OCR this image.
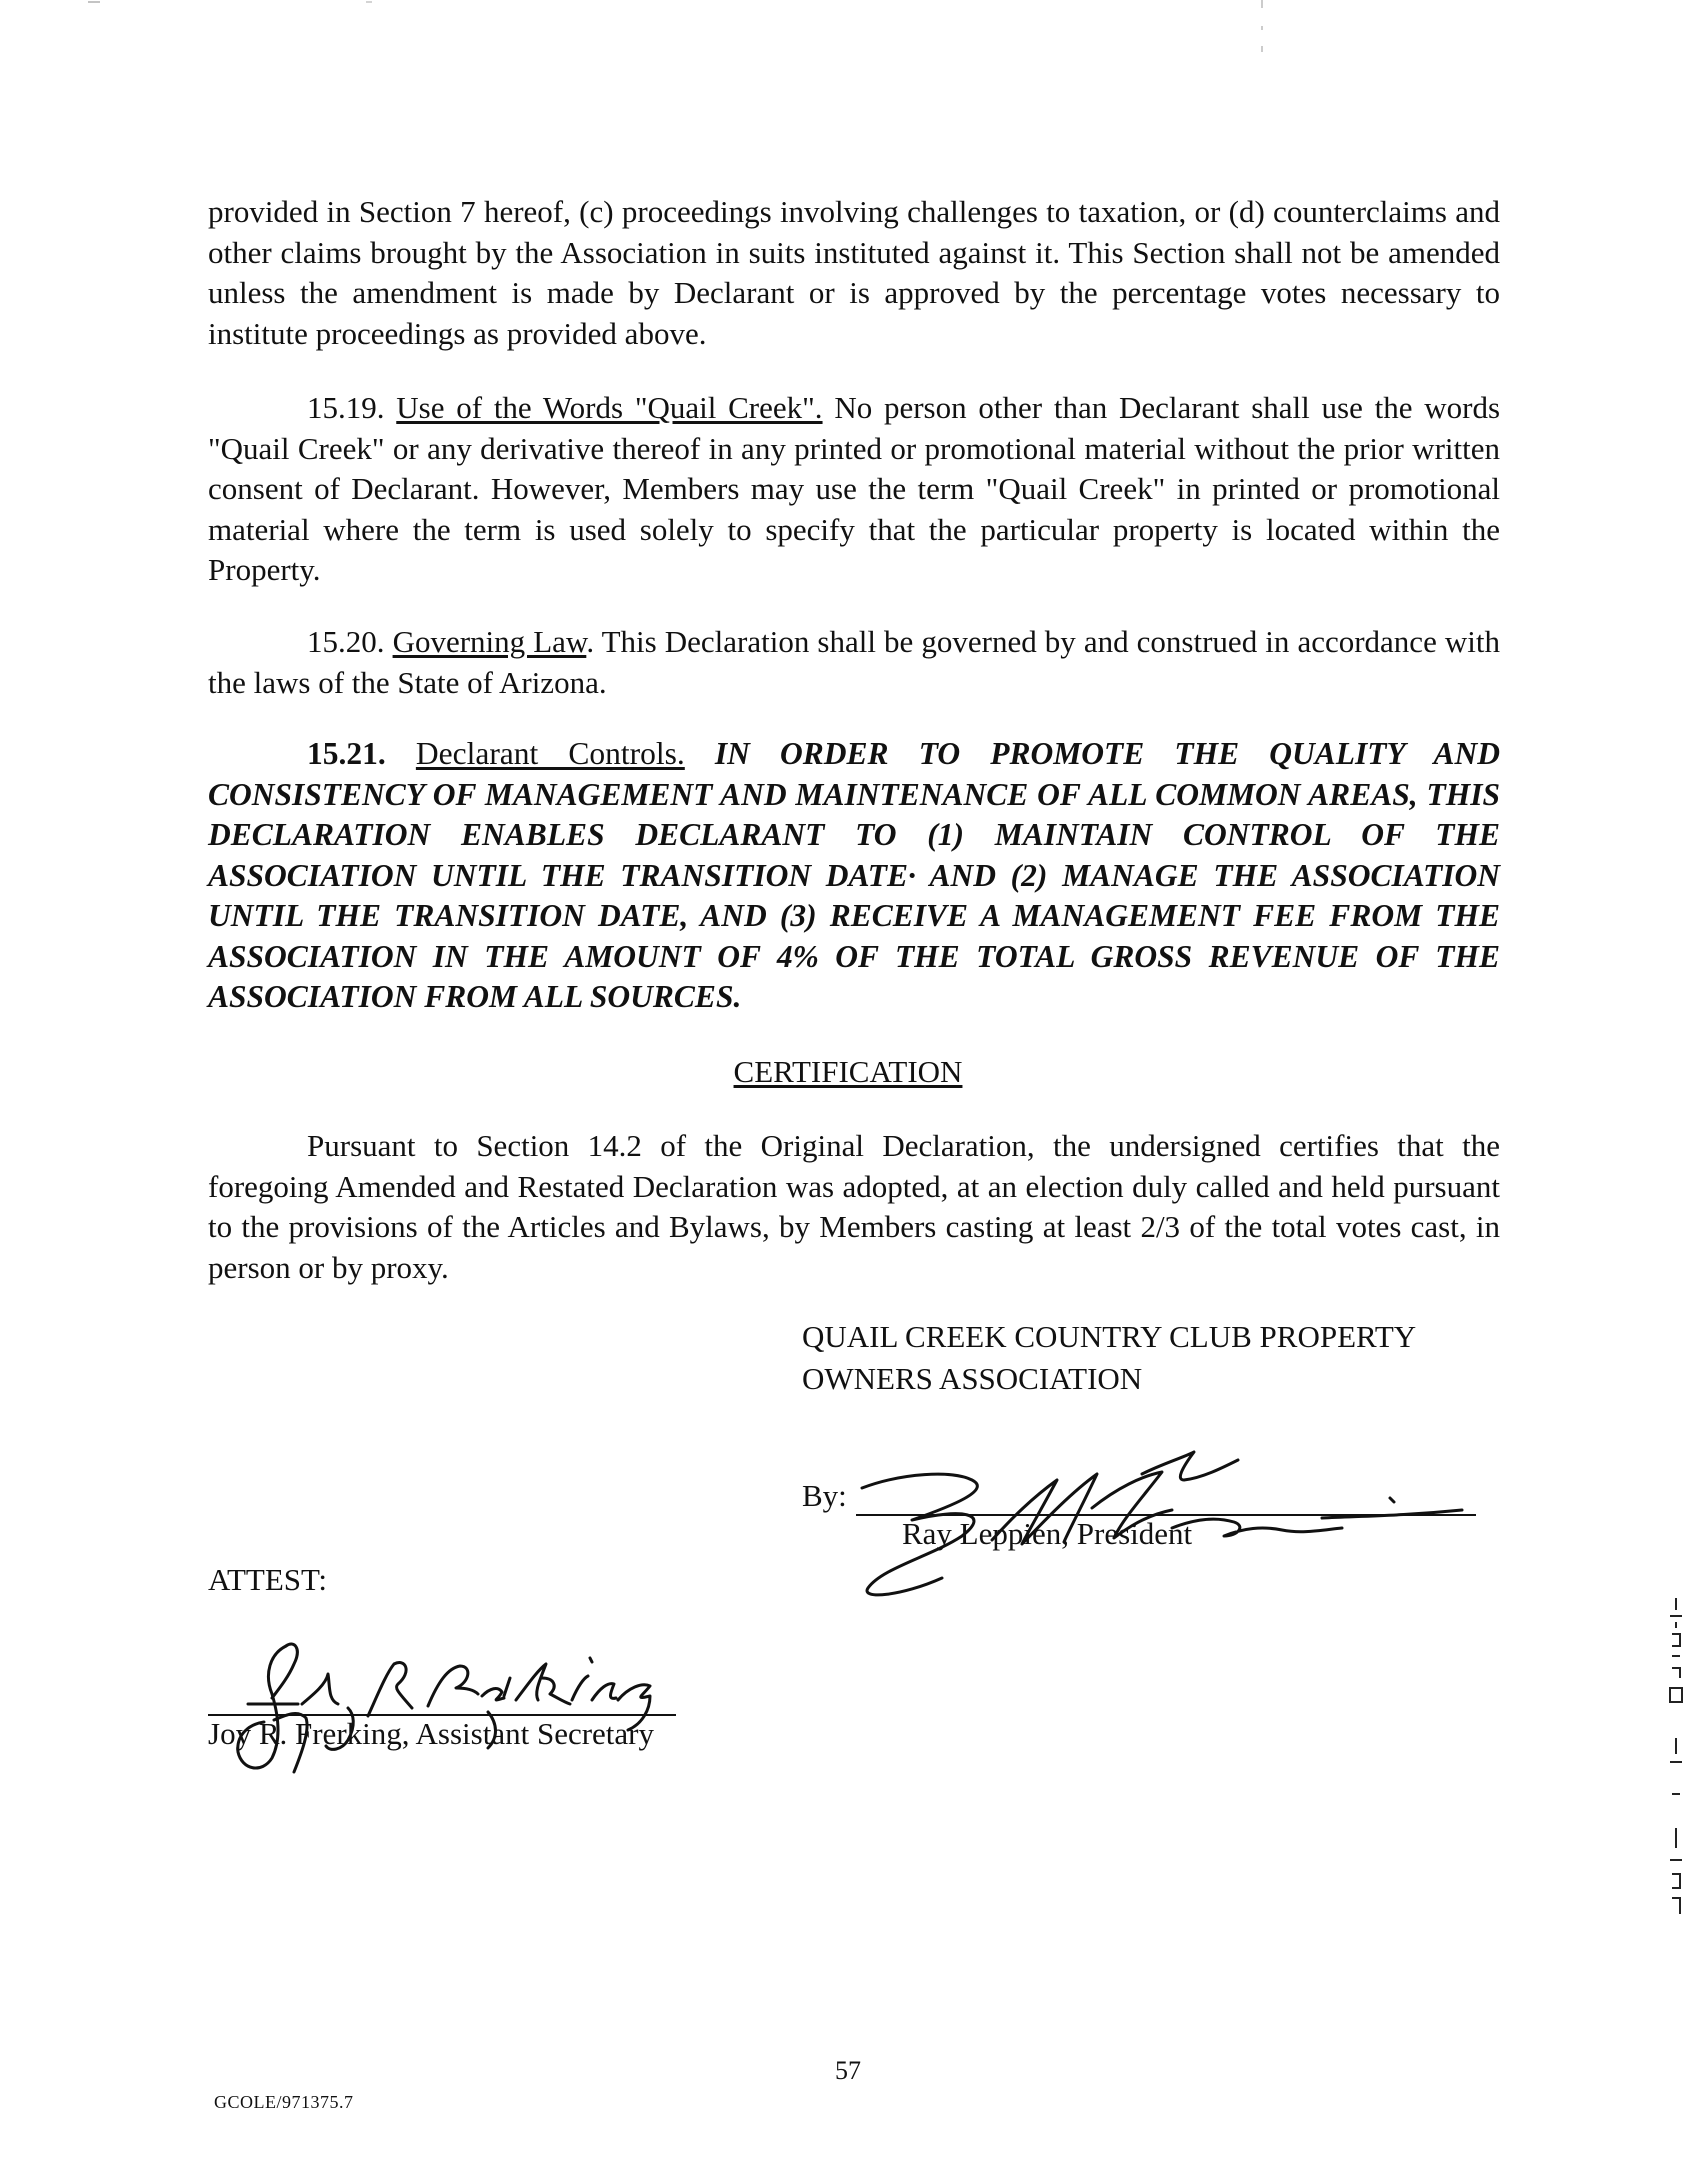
provided in Section 7 hereof, (c) proceedings involving challenges to taxation, or (d) counterclaims and other claims brought by the Association in suits instituted against it. This Section shall not be amended unless the amendment is made by Declarant or is approved by the percentage votes necessary to institute proceedings as provided above.

15.19. Use of the Words "Quail Creek". No person other than Declarant shall use the words "Quail Creek" or any derivative thereof in any printed or promotional material without the prior written consent of Declarant. However, Members may use the term "Quail Creek" in printed or promotional material where the term is used solely to specify that the particular property is located within the Property.

15.20. Governing Law. This Declaration shall be governed by and construed in accordance with the laws of the State of Arizona.

15.21. Declarant Controls. IN ORDER TO PROMOTE THE QUALITY AND CONSISTENCY OF MANAGEMENT AND MAINTENANCE OF ALL COMMON AREAS, THIS DECLARATION ENABLES DECLARANT TO (1) MAINTAIN CONTROL OF THE ASSOCIATION UNTIL THE TRANSITION DATE· AND (2) MANAGE THE ASSOCIATION UNTIL THE TRANSITION DATE, AND (3) RECEIVE A MANAGEMENT FEE FROM THE ASSOCIATION IN THE AMOUNT OF 4% OF THE TOTAL GROSS REVENUE OF THE ASSOCIATION FROM ALL SOURCES.

CERTIFICATION

Pursuant to Section 14.2 of the Original Declaration, the undersigned certifies that the foregoing Amended and Restated Declaration was adopted, at an election duly called and held pursuant to the provisions of the Articles and Bylaws, by Members casting at least 2/3 of the total votes cast, in person or by proxy.

QUAIL CREEK COUNTRY CLUB PROPERTY
OWNERS ASSOCIATION

By:
Ray Leppien, President

ATTEST:

Joy R. Frerking, Assistant Secretary

57

GCOLE/971375.7
